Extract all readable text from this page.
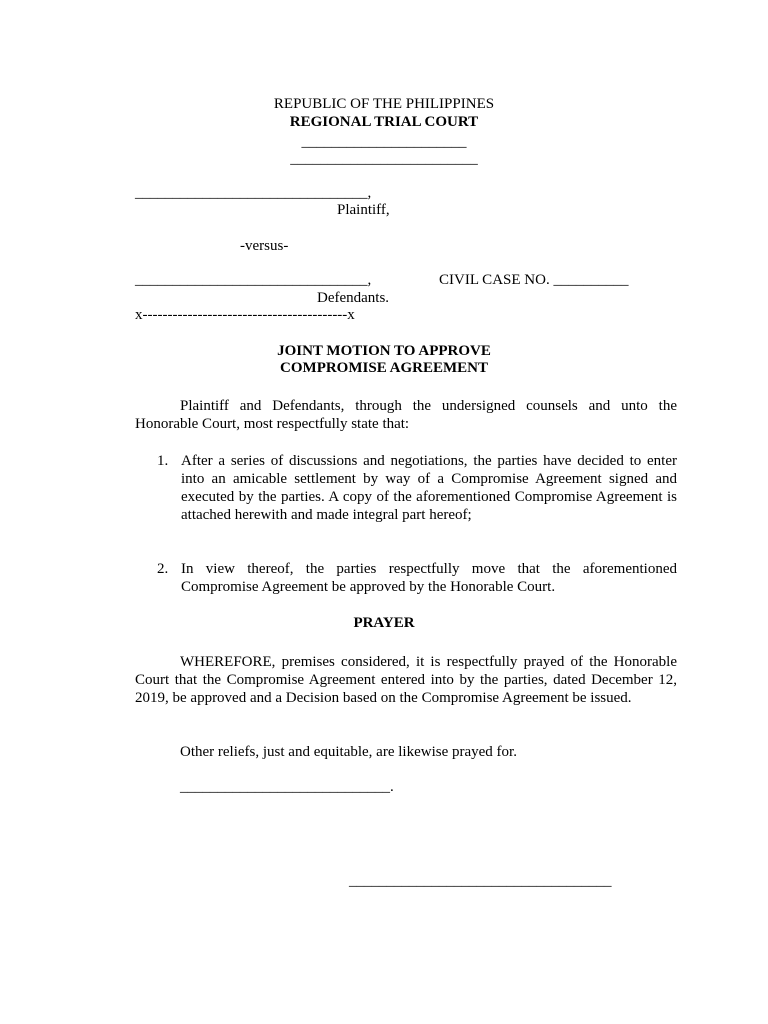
REPUBLIC OF THE PHILIPPINES
REGIONAL TRIAL COURT
______________________
_________________________
_______________________________,
Plaintiff,
-versus-
_______________________________,	CIVIL CASE NO. __________
Defendants.
x-----------------------------------------x
JOINT MOTION TO APPROVE
COMPROMISE AGREEMENT
Plaintiff and Defendants, through the undersigned counsels and unto the Honorable Court, most respectfully state that:
1. After a series of discussions and negotiations, the parties have decided to enter into an amicable settlement by way of a Compromise Agreement signed and executed by the parties. A copy of the aforementioned Compromise Agreement is attached herewith and made integral part hereof;
2. In view thereof, the parties respectfully move that the aforementioned Compromise Agreement be approved by the Honorable Court.
PRAYER
WHEREFORE, premises considered, it is respectfully prayed of the Honorable Court that the Compromise Agreement entered into by the parties, dated December 12, 2019, be approved and a Decision based on the Compromise Agreement be issued.
Other reliefs, just and equitable, are likewise prayed for.
____________________________.
___________________________________
